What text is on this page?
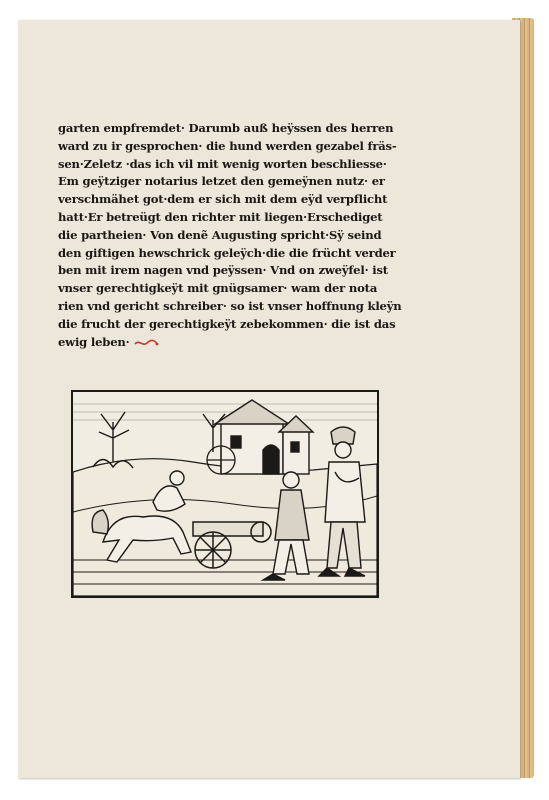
garten empfremdet· Darumb auß heÿssen des herren
ward zu ir gesprochen· die hund werden gezabel fräs-
sen·Zeletz ·das ich vil mit wenig worten beschliesse·
Em geÿtziger notarius letzet den gemeÿnen nutz· er
verschmähet got·dem er sich mit dem eÿd verpflicht
hatt·Er betreügt den richter mit liegen·Erschediget
die partheien· Von denẽ Augusting spricht·Sÿ seind
den giftigen hewschrick geleÿch·die die frücht verder
ben mit irem nagen vnd peÿssen· Vnd on zweÿfel· ist
vnser gerechtigkeÿt mit gnügsamer· wam der nota
rien vnd gericht schreiber· so ist vnser hoffnung kleÿn
die frucht der gerechtigkeÿt zebekommen· die ist das
ewig leben·
